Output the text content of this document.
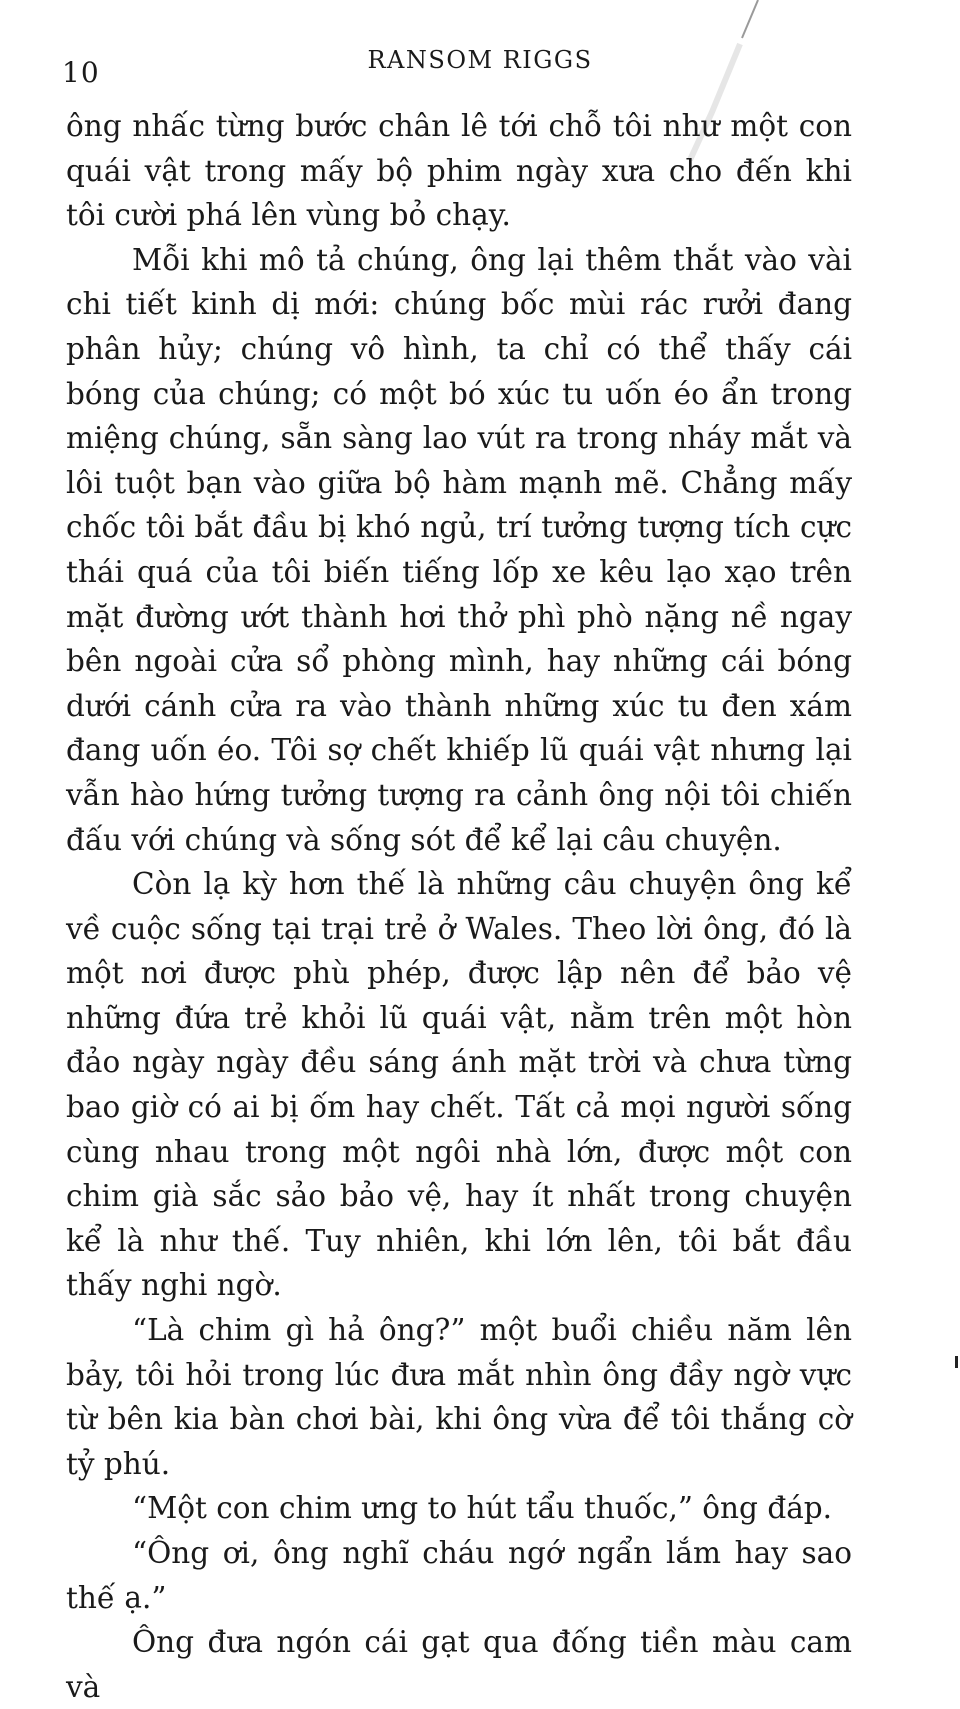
10	RANSOM RIGGS

ông nhấc từng bước chân lê tới chỗ tôi như một con quái vật trong mấy bộ phim ngày xưa cho đến khi tôi cười phá lên vùng bỏ chạy.

Mỗi khi mô tả chúng, ông lại thêm thắt vào vài chi tiết kinh dị mới: chúng bốc mùi rác rưởi đang phân hủy; chúng vô hình, ta chỉ có thể thấy cái bóng của chúng; có một bó xúc tu uốn éo ẩn trong miệng chúng, sẵn sàng lao vút ra trong nháy mắt và lôi tuột bạn vào giữa bộ hàm mạnh mẽ. Chẳng mấy chốc tôi bắt đầu bị khó ngủ, trí tưởng tượng tích cực thái quá của tôi biến tiếng lốp xe kêu lạo xạo trên mặt đường ướt thành hơi thở phì phò nặng nề ngay bên ngoài cửa sổ phòng mình, hay những cái bóng dưới cánh cửa ra vào thành những xúc tu đen xám đang uốn éo. Tôi sợ chết khiếp lũ quái vật nhưng lại vẫn hào hứng tưởng tượng ra cảnh ông nội tôi chiến đấu với chúng và sống sót để kể lại câu chuyện.

Còn lạ kỳ hơn thế là những câu chuyện ông kể về cuộc sống tại trại trẻ ở Wales. Theo lời ông, đó là một nơi được phù phép, được lập nên để bảo vệ những đứa trẻ khỏi lũ quái vật, nằm trên một hòn đảo ngày ngày đều sáng ánh mặt trời và chưa từng bao giờ có ai bị ốm hay chết. Tất cả mọi người sống cùng nhau trong một ngôi nhà lớn, được một con chim già sắc sảo bảo vệ, hay ít nhất trong chuyện kể là như thế. Tuy nhiên, khi lớn lên, tôi bắt đầu thấy nghi ngờ.

“Là chim gì hả ông?” một buổi chiều năm lên bảy, tôi hỏi trong lúc đưa mắt nhìn ông đầy ngờ vực từ bên kia bàn chơi bài, khi ông vừa để tôi thắng cờ tỷ phú.

“Một con chim ưng to hút tẩu thuốc,” ông đáp.

“Ông ơi, ông nghĩ cháu ngớ ngẩn lắm hay sao thế ạ.”

Ông đưa ngón cái gạt qua đống tiền màu cam và
